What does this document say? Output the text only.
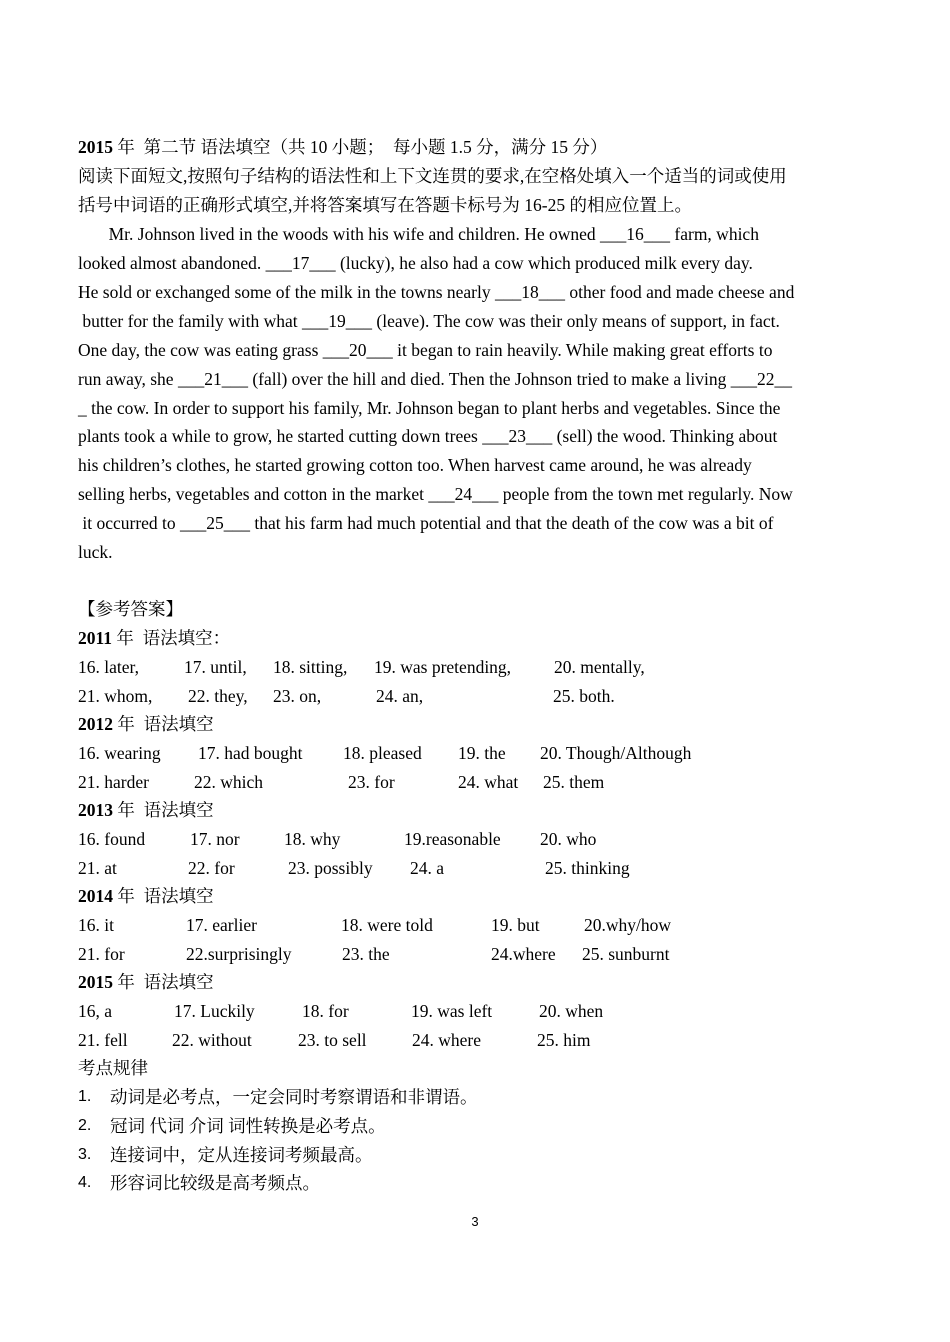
2015 年  第二节 语法填空（共 10 小题；  每小题 1.5 分，满分 15 分）
阅读下面短文,按照句子结构的语法性和上下文连贯的要求,在空格处填入一个适当的词或使用
括号中词语的正确形式填空,并将答案填写在答题卡标号为 16-25 的相应位置上。
Mr. Johnson lived in the woods with his wife and children. He owned ___16___ farm, which
looked almost abandoned. ___17___ (lucky), he also had a cow which produced milk every day.
He sold or exchanged some of the milk in the towns nearly ___18___ other food and made cheese and
butter for the family with what ___19___ (leave). The cow was their only means of support, in fact.
One day, the cow was eating grass ___20___ it began to rain heavily. While making great efforts to
run away, she ___21___ (fall) over the hill and died. Then the Johnson tried to make a living ___22__
_ the cow. In order to support his family, Mr. Johnson began to plant herbs and vegetables. Since the
plants took a while to grow, he started cutting down trees ___23___ (sell) the wood. Thinking about
his children’s clothes, he started growing cotton too. When harvest came around, he was already
selling herbs, vegetables and cotton in the market ___24___ people from the town met regularly. Now
it occurred to ___25___ that his farm had much potential and that the death of the cow was a bit of
luck.
【参考答案】
2011 年  语法填空：
16. later,	17. until, 18. sitting, 19. was pretending, 20. mentally,
21. whom, 22. they, 23. on,	24. an,	25. both.
2012 年  语法填空
16. wearing 17. had bought 18. pleased 19. the 20. Though/Although
21. harder	22. which	23. for	24. what 25. them
2013 年  语法填空
16. found	17. nor	18. why	19.reasonable 20. who
21. at	22. for	23. possibly 24. a	25. thinking
2014 年  语法填空
16. it	17. earlier	18. were told	19. but	20.why/how
21. for	22.surprisingly	23. the	24.where 25. sunburnt
2015 年  语法填空
16, a	17. Luckily	18. for	19. was left	20. when
21. fell	22. without	23. to sell	24. where	25. him
考点规律
1. 动词是必考点，一定会同时考察谓语和非谓语。
2. 冠词 代词 介词 词性转换是必考点。
3. 连接词中，定从连接词考频最高。
4. 形容词比较级是高考频点。
3
